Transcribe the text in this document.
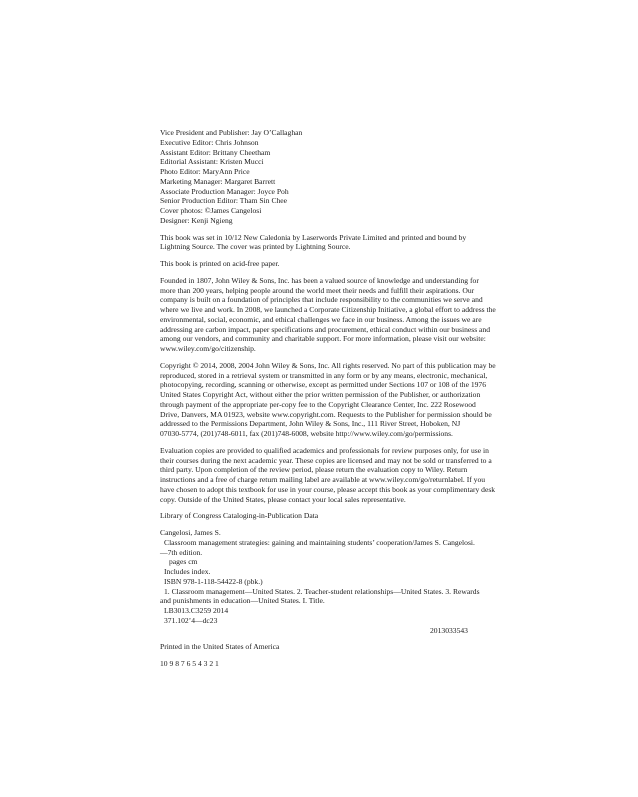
Vice President and Publisher: Jay O’Callaghan
Executive Editor: Chris Johnson
Assistant Editor: Brittany Cheetham
Editorial Assistant: Kristen Mucci
Photo Editor: MaryAnn Price
Marketing Manager: Margaret Barrett
Associate Production Manager: Joyce Poh
Senior Production Editor: Tham Sin Chee
Cover photos: ©James Cangelosi
Designer: Kenji Ngieng
This book was set in 10/12 New Caledonia by Laserwords Private Limited and printed and bound by
Lightning Source. The cover was printed by Lightning Source.
This book is printed on acid-free paper.
Founded in 1807, John Wiley & Sons, Inc. has been a valued source of knowledge and understanding for
more than 200 years, helping people around the world meet their needs and fulfill their aspirations. Our
company is built on a foundation of principles that include responsibility to the communities we serve and
where we live and work. In 2008, we launched a Corporate Citizenship Initiative, a global effort to address the
environmental, social, economic, and ethical challenges we face in our business. Among the issues we are
addressing are carbon impact, paper specifications and procurement, ethical conduct within our business and
among our vendors, and community and charitable support. For more information, please visit our website:
www.wiley.com/go/citizenship.
Copyright © 2014, 2008, 2004 John Wiley & Sons, Inc. All rights reserved. No part of this publication may be
reproduced, stored in a retrieval system or transmitted in any form or by any means, electronic, mechanical,
photocopying, recording, scanning or otherwise, except as permitted under Sections 107 or 108 of the 1976
United States Copyright Act, without either the prior written permission of the Publisher, or authorization
through payment of the appropriate per-copy fee to the Copyright Clearance Center, Inc. 222 Rosewood
Drive, Danvers, MA 01923, website www.copyright.com. Requests to the Publisher for permission should be
addressed to the Permissions Department, John Wiley & Sons, Inc., 111 River Street, Hoboken, NJ
07030-5774, (201)748-6011, fax (201)748-6008, website http://www.wiley.com/go/permissions.
Evaluation copies are provided to qualified academics and professionals for review purposes only, for use in
their courses during the next academic year. These copies are licensed and may not be sold or transferred to a
third party. Upon completion of the review period, please return the evaluation copy to Wiley. Return
instructions and a free of charge return mailing label are available at www.wiley.com/go/returnlabel. If you
have chosen to adopt this textbook for use in your course, please accept this book as your complimentary desk
copy. Outside of the United States, please contact your local sales representative.
Library of Congress Cataloging-in-Publication Data
Cangelosi, James S.
Classroom management strategies: gaining and maintaining students’ cooperation/James S. Cangelosi.
—7th edition.
pages cm
Includes index.
ISBN 978-1-118-54422-8 (pbk.)
1. Classroom management—United States. 2. Teacher-student relationships—United States. 3. Rewards
and punishments in education—United States. I. Title.
LB3013.C3259 2014
371.102’4—dc23
2013033543
Printed in the United States of America
10 9 8 7 6 5 4 3 2 1
